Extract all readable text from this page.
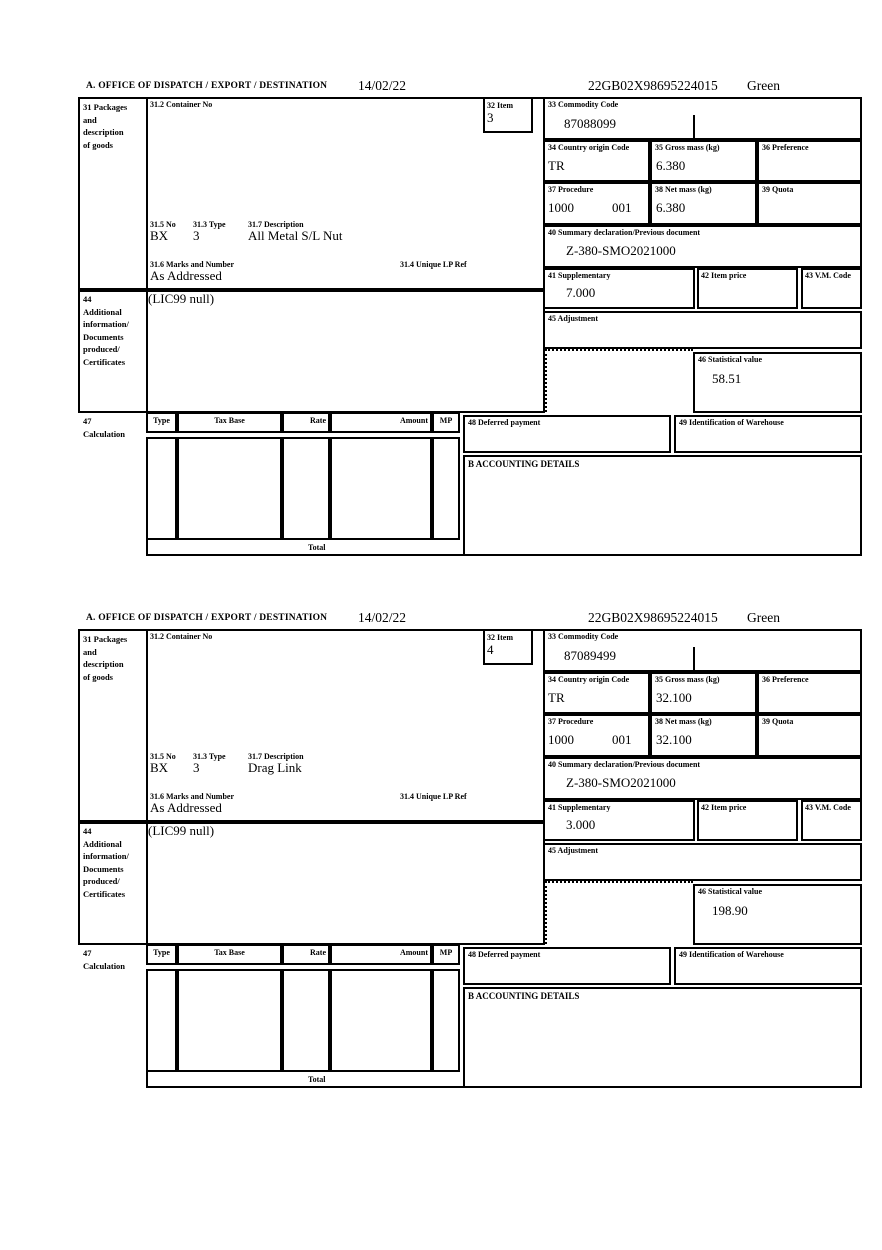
A. OFFICE OF DISPATCH / EXPORT / DESTINATION 14/02/22	22GB02X98695224015 Green
31 Packages
and
description
of goods
44
Additional
information/
Documents
produced/
Certificates
47
Calculation
31.2 Container No	32 Item
3
31.5 No 31.3 Type	31.7 Description
BX 3	All Metal S/L Nut
31.6 Marks and Number	31.4 Unique LP Ref
As Addressed
(LIC99 null)
33 Commodity Code
87088099
34 Country origin Code
TR
35 Gross mass (kg)
6.380
36 Preference
37 Procedure
1000	001
38 Net mass (kg)
6.380
39 Quota
40 Summary declaration/Previous document
Z-380-SMO2021000
41 Supplementary
7.000
42 Item price	43 V.M. Code
45 Adjustment
46 Statistical value
58.51
Type	Tax Base	Rate	Amount	MP
Total
48 Deferred payment	49 Identification of Warehouse
B ACCOUNTING DETAILS
A. OFFICE OF DISPATCH / EXPORT / DESTINATION 14/02/22	22GB02X98695224015 Green
31 Packages
and
description
of goods
44
Additional
information/
Documents
produced/
Certificates
47
Calculation
31.2 Container No	32 Item
4
31.5 No 31.3 Type	31.7 Description
BX 3	Drag Link
31.6 Marks and Number	31.4 Unique LP Ref
As Addressed
(LIC99 null)
33 Commodity Code
87089499
34 Country origin Code
TR
35 Gross mass (kg)
32.100
36 Preference
37 Procedure
1000	001
38 Net mass (kg)
32.100
39 Quota
40 Summary declaration/Previous document
Z-380-SMO2021000
41 Supplementary
3.000
42 Item price	43 V.M. Code
45 Adjustment
46 Statistical value
198.90
Type	Tax Base	Rate	Amount	MP
Total
48 Deferred payment	49 Identification of Warehouse
B ACCOUNTING DETAILS
